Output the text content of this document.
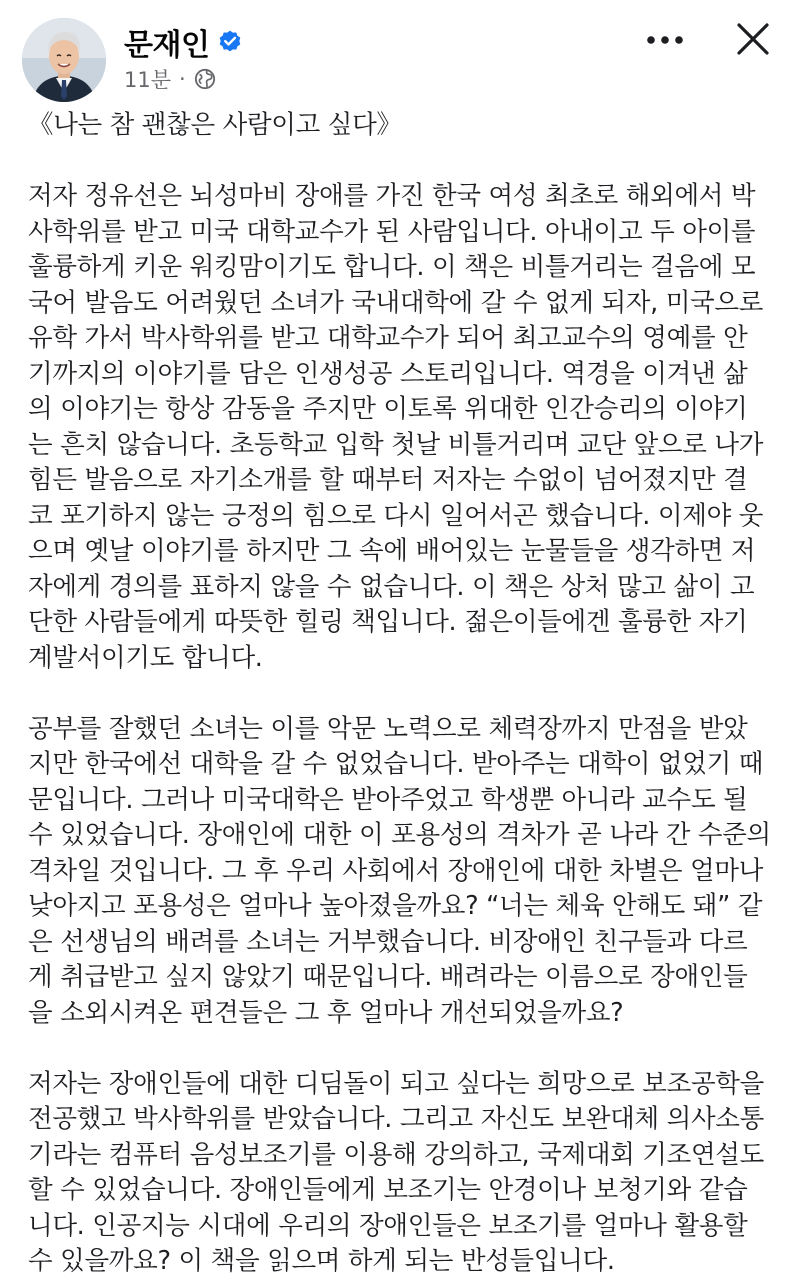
문재인
11분 ·
《나는 참 괜찮은 사람이고 싶다》
저자 정유선은 뇌성마비 장애를 가진 한국 여성 최초로 해외에서 박
사학위를 받고 미국 대학교수가 된 사람입니다. 아내이고 두 아이를
훌륭하게 키운 워킹맘이기도 합니다. 이 책은 비틀거리는 걸음에 모
국어 발음도 어려웠던 소녀가 국내대학에 갈 수 없게 되자, 미국으로
유학 가서 박사학위를 받고 대학교수가 되어 최고교수의 영예를 안
기까지의 이야기를 담은 인생성공 스토리입니다. 역경을 이겨낸 삶
의 이야기는 항상 감동을 주지만 이토록 위대한 인간승리의 이야기
는 흔치 않습니다. 초등학교 입학 첫날 비틀거리며 교단 앞으로 나가
힘든 발음으로 자기소개를 할 때부터 저자는 수없이 넘어졌지만 결
코 포기하지 않는 긍정의 힘으로 다시 일어서곤 했습니다. 이제야 웃
으며 옛날 이야기를 하지만 그 속에 배어있는 눈물들을 생각하면 저
자에게 경의를 표하지 않을 수 없습니다. 이 책은 상처 많고 삶이 고
단한 사람들에게 따뜻한 힐링 책입니다. 젊은이들에겐 훌륭한 자기
계발서이기도 합니다.
공부를 잘했던 소녀는 이를 악문 노력으로 체력장까지 만점을 받았
지만 한국에선 대학을 갈 수 없었습니다. 받아주는 대학이 없었기 때
문입니다. 그러나 미국대학은 받아주었고 학생뿐 아니라 교수도 될
수 있었습니다. 장애인에 대한 이 포용성의 격차가 곧 나라 간 수준의
격차일 것입니다. 그 후 우리 사회에서 장애인에 대한 차별은 얼마나
낮아지고 포용성은 얼마나 높아졌을까요? “너는 체육 안해도 돼” 같
은 선생님의 배려를 소녀는 거부했습니다. 비장애인 친구들과 다르
게 취급받고 싶지 않았기 때문입니다. 배려라는 이름으로 장애인들
을 소외시켜온 편견들은 그 후 얼마나 개선되었을까요?
저자는 장애인들에 대한 디딤돌이 되고 싶다는 희망으로 보조공학을
전공했고 박사학위를 받았습니다. 그리고 자신도 보완대체 의사소통
기라는 컴퓨터 음성보조기를 이용해 강의하고, 국제대회 기조연설도
할 수 있었습니다. 장애인들에게 보조기는 안경이나 보청기와 같습
니다. 인공지능 시대에 우리의 장애인들은 보조기를 얼마나 활용할
수 있을까요? 이 책을 읽으며 하게 되는 반성들입니다.
